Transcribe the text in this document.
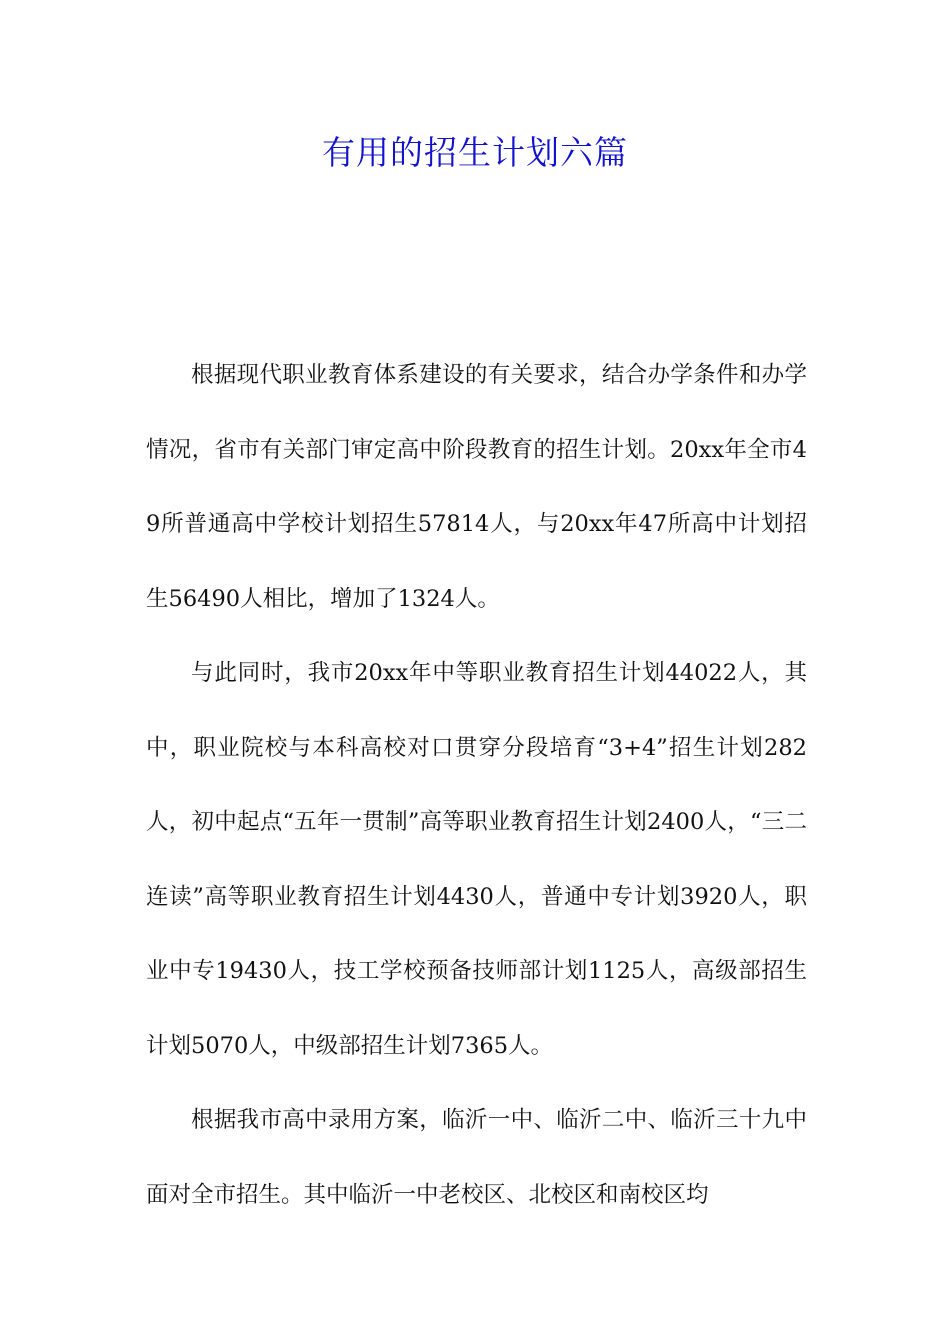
有用的招生计划六篇

根据现代职业教育体系建设的有关要求，结合办学条件和办学情况，省市有关部门审定高中阶段教育的招生计划。20xx年全市49所普通高中学校计划招生57814人，与20xx年47所高中计划招生56490人相比，增加了1324人。

与此同时，我市20xx年中等职业教育招生计划44022人，其中，职业院校与本科高校对口贯穿分段培育“3+4”招生计划282人，初中起点“五年一贯制”高等职业教育招生计划2400人，“三二连读”高等职业教育招生计划4430人，普通中专计划3920人，职业中专19430人，技工学校预备技师部计划1125人，高级部招生计划5070人，中级部招生计划7365人。

根据我市高中录用方案，临沂一中、临沂二中、临沂三十九中面对全市招生。其中临沂一中老校区、北校区和南校区均
